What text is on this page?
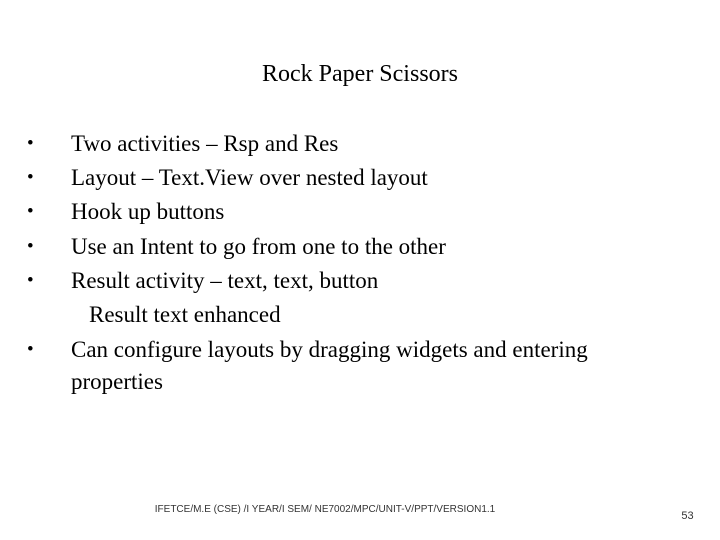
Rock Paper Scissors
• Two activities – Rsp and Res
• Layout – Text.View over nested layout
• Hook up buttons
• Use an Intent to go from one to the other
• Result activity – text, text, button
Result text enhanced
• Can configure layouts by dragging widgets and entering properties
IFETCE/M.E (CSE) /I YEAR/I SEM/ NE7002/MPC/UNIT-V/PPT/VERSION1.1
53
